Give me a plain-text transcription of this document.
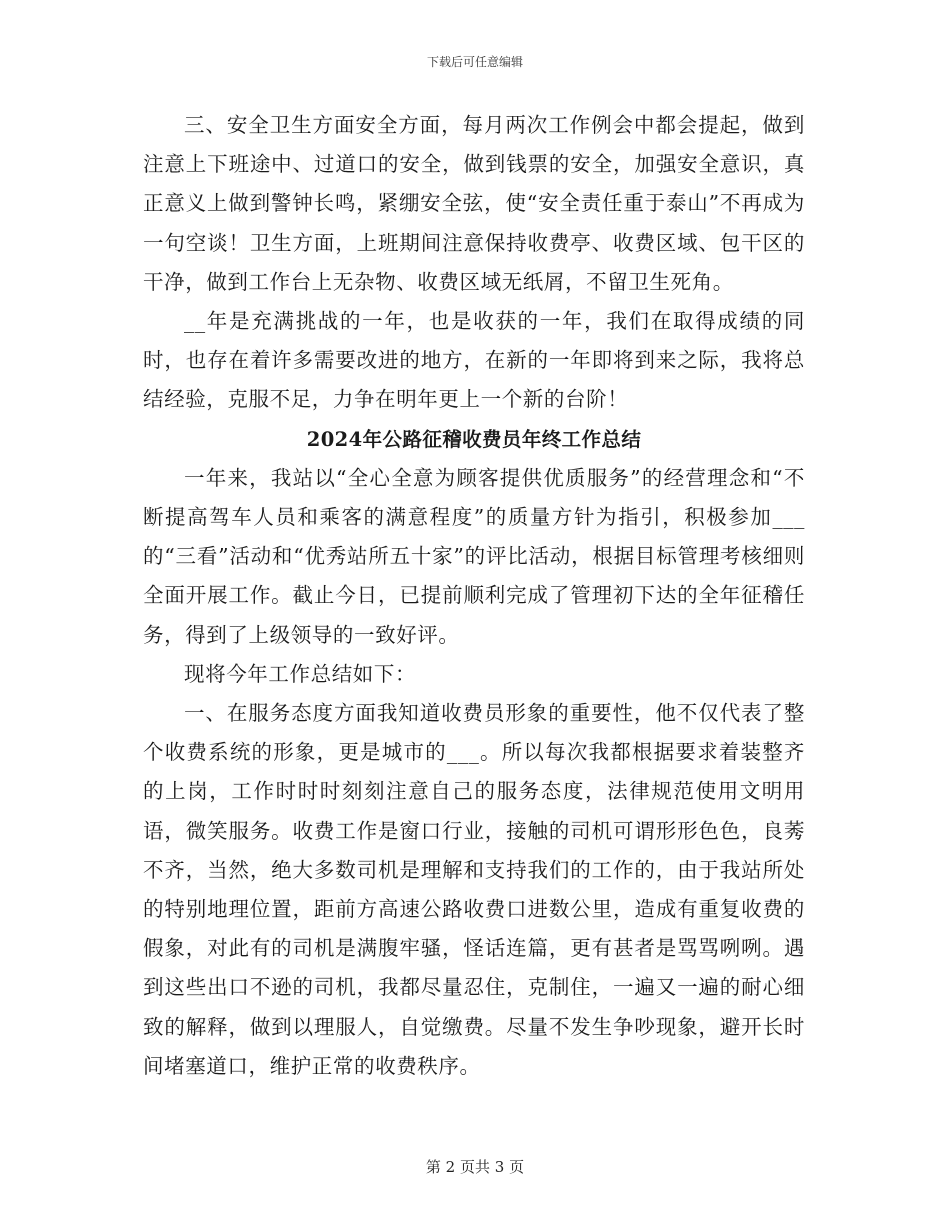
下载后可任意编辑

三、安全卫生方面安全方面，每月两次工作例会中都会提起，做到注意上下班途中、过道口的安全，做到钱票的安全，加强安全意识，真正意义上做到警钟长鸣，紧绷安全弦，使“安全责任重于泰山”不再成为一句空谈！卫生方面，上班期间注意保持收费亭、收费区域、包干区的干净，做到工作台上无杂物、收费区域无纸屑，不留卫生死角。

__年是充满挑战的一年，也是收获的一年，我们在取得成绩的同时，也存在着许多需要改进的地方，在新的一年即将到来之际，我将总结经验，克服不足，力争在明年更上一个新的台阶！

2024年公路征稽收费员年终工作总结

一年来，我站以“全心全意为顾客提供优质服务”的经营理念和“不断提高驾车人员和乘客的满意程度”的质量方针为指引，积极参加___的“三看”活动和“优秀站所五十家”的评比活动，根据目标管理考核细则全面开展工作。截止今日，已提前顺利完成了管理初下达的全年征稽任务，得到了上级领导的一致好评。

现将今年工作总结如下：

一、在服务态度方面我知道收费员形象的重要性，他不仅代表了整个收费系统的形象，更是城市的___。所以每次我都根据要求着装整齐的上岗，工作时时时刻刻注意自己的服务态度，法律规范使用文明用语，微笑服务。收费工作是窗口行业，接触的司机可谓形形色色，良莠不齐，当然，绝大多数司机是理解和支持我们的工作的，由于我站所处的特别地理位置，距前方高速公路收费口进数公里，造成有重复收费的假象，对此有的司机是满腹牢骚，怪话连篇，更有甚者是骂骂咧咧。遇到这些出口不逊的司机，我都尽量忍住，克制住，一遍又一遍的耐心细致的解释，做到以理服人，自觉缴费。尽量不发生争吵现象，避开长时间堵塞道口，维护正常的收费秩序。

第 2 页共 3 页
